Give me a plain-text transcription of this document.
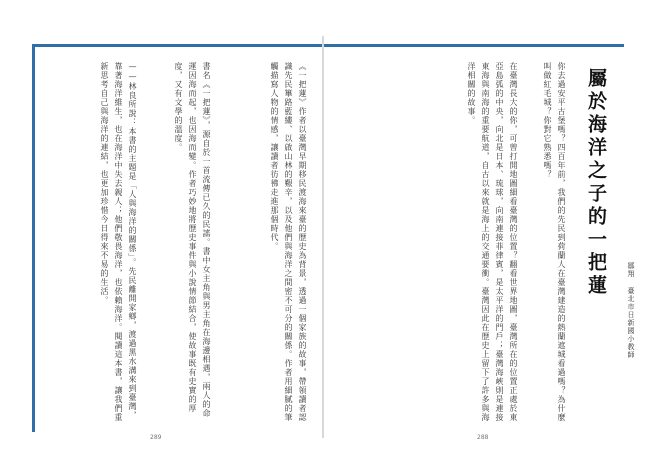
《一把蓮》作者以臺灣早期移民渡海來臺的歷史為背景，透過一個家族的故事，帶領讀者認識先民篳路藍縷、以啟山林的艱辛，以及他們與海洋之間密不可分的關係。作者用細膩的筆觸描寫人物的情感，讓讀者彷彿走進那個時代。
書名《一把蓮》，源自於一首流傳已久的民謠。書中女主角與男主角在海邊相遇，兩人的命運因海而起，也因海而變。作者巧妙地將歷史事件與小說情節結合，使故事既有史實的厚度，又有文學的溫度。
——林良所說：本書的主題是「人與海洋的關係」。先民離開家鄉，渡過黑水溝來到臺灣，靠著海洋維生，也在海洋中失去親人；他們敬畏海洋，也依賴海洋。閱讀這本書，讓我們重新思考自己與海洋的連結，也更加珍惜今日得來不易的生活。
289
屬於海洋之子的一把蓮
鄒翔 臺北市日新國小教師
你去過安平古堡嗎？四百年前，我們的先民到荷蘭人在臺灣建造的熱蘭遮城看過嗎？為什麼叫做紅毛城？你對它熟悉嗎？
在臺灣長大的你，可曾打開地圖細看臺灣的位置？翻看世界地圖，臺灣所在的位置正處於東亞島弧的中央，向北是日本、琉球，向南連接菲律賓，是太平洋的門戶；臺灣海峽則是連接東海與南海的重要航道，自古以來就是海上的交通要衝。臺灣因此在歷史上留下了許多與海洋相關的故事。
288
